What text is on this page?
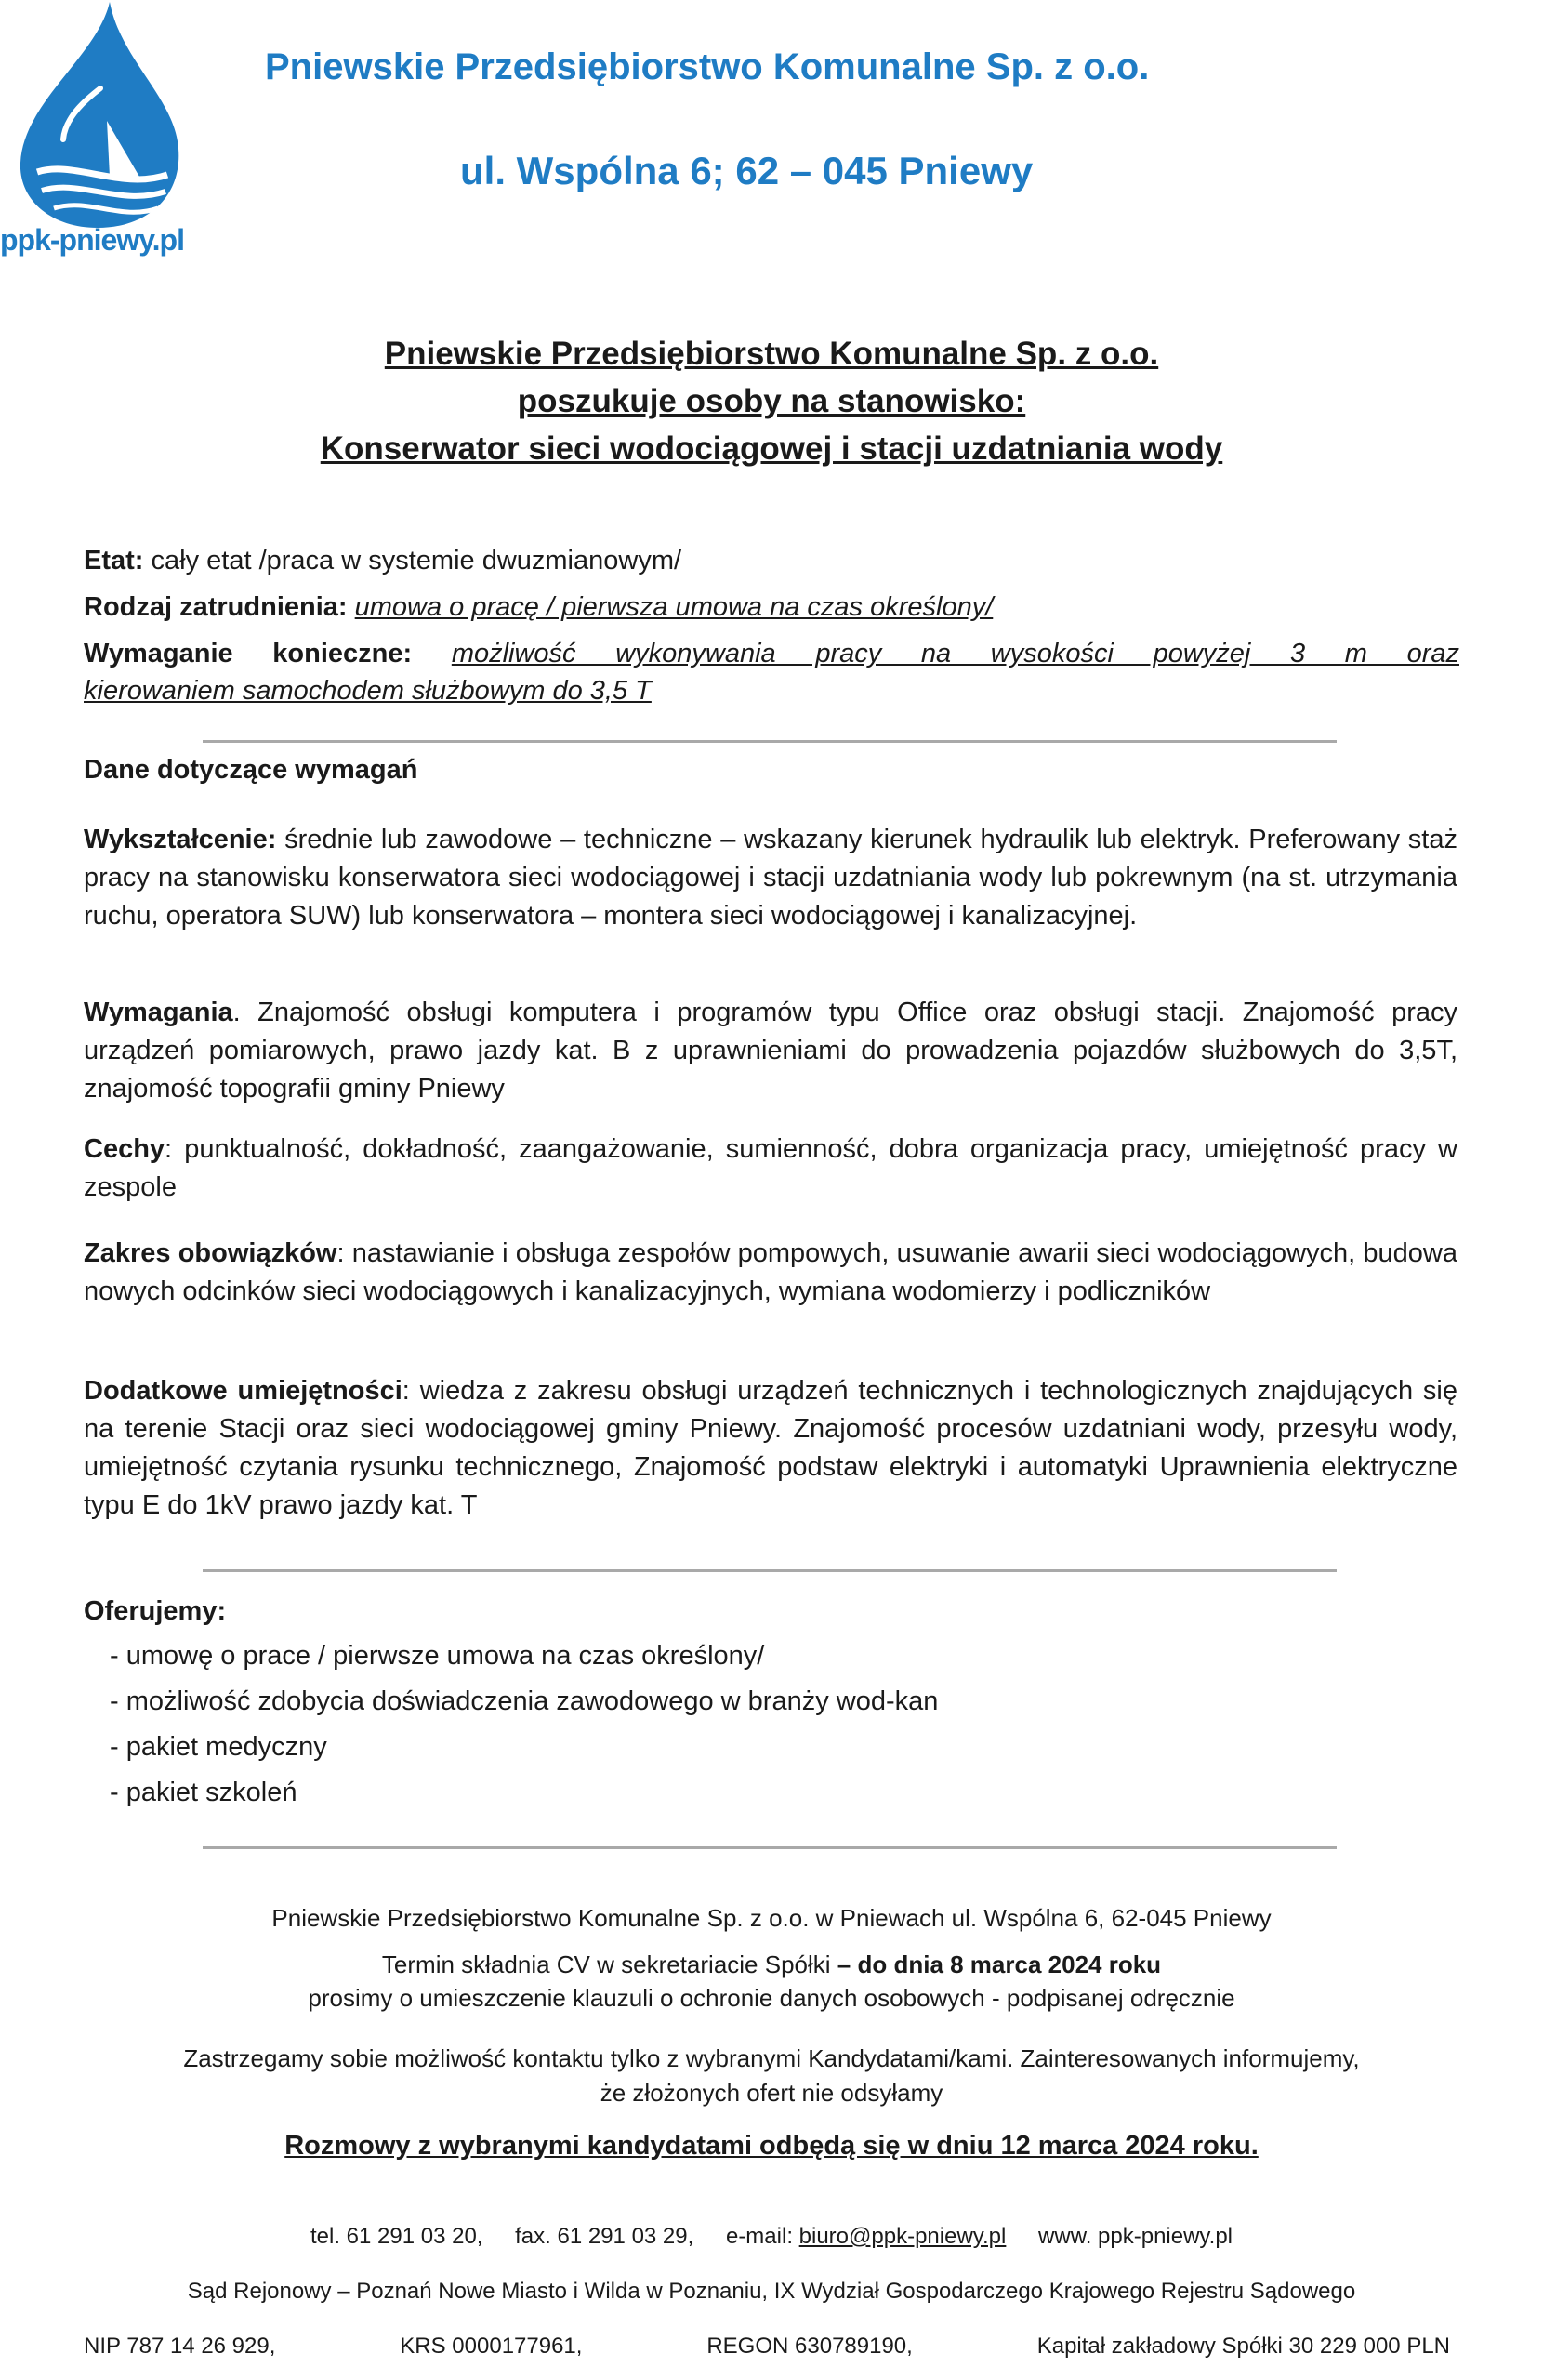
ppk-pniewy.pl
Pniewskie Przedsiębiorstwo Komunalne Sp. z o.o.
ul. Wspólna 6; 62 – 045 Pniewy
Pniewskie Przedsiębiorstwo Komunalne Sp. z o.o.
poszukuje osoby na stanowisko:
Konserwator sieci wodociągowej i stacji uzdatniania wody
Etat: cały etat /praca w systemie dwuzmianowym/
Rodzaj zatrudnienia: umowa o pracę / pierwsza umowa na czas określony/
Wymaganie konieczne: możliwość wykonywania pracy na wysokości powyżej 3 m oraz
kierowaniem samochodem służbowym do 3,5 T
Dane dotyczące wymagań
Wykształcenie: średnie lub zawodowe – techniczne – wskazany kierunek hydraulik lub elektryk. Preferowany staż pracy na stanowisku konserwatora sieci wodociągowej i stacji uzdatniania wody lub pokrewnym (na st. utrzymania ruchu, operatora SUW) lub konserwatora – montera sieci wodociągowej i kanalizacyjnej.
Wymagania. Znajomość obsługi komputera i programów typu Office oraz obsługi stacji. Znajomość pracy urządzeń pomiarowych, prawo jazdy kat. B z uprawnieniami do prowadzenia pojazdów służbowych do 3,5T, znajomość topografii gminy Pniewy
Cechy: punktualność, dokładność, zaangażowanie, sumienność, dobra organizacja pracy, umiejętność pracy w zespole
Zakres obowiązków: nastawianie i obsługa zespołów pompowych, usuwanie awarii sieci wodociągowych, budowa nowych odcinków sieci wodociągowych i kanalizacyjnych, wymiana wodomierzy i podliczników
Dodatkowe umiejętności: wiedza z zakresu obsługi urządzeń technicznych i technologicznych znajdujących się na terenie Stacji oraz sieci wodociągowej gminy Pniewy. Znajomość procesów uzdatniani wody, przesyłu wody, umiejętność czytania rysunku technicznego, Znajomość podstaw elektryki i automatyki Uprawnienia elektryczne typu E do 1kV prawo jazdy kat. T
Oferujemy:
- umowę o prace / pierwsze umowa na czas określony/
- możliwość zdobycia doświadczenia zawodowego w branży wod-kan
- pakiet medyczny
- pakiet szkoleń
Pniewskie Przedsiębiorstwo Komunalne Sp. z o.o. w Pniewach ul. Wspólna 6, 62-045 Pniewy
Termin składnia CV w sekretariacie Spółki – do dnia 8 marca 2024 roku
prosimy o umieszczenie klauzuli o ochronie danych osobowych - podpisanej odręcznie
Zastrzegamy sobie możliwość kontaktu tylko z wybranymi Kandydatami/kami. Zainteresowanych informujemy,
że złożonych ofert nie odsyłamy
Rozmowy z wybranymi kandydatami odbędą się w dniu 12 marca 2024 roku.
tel. 61 291 03 20, fax. 61 291 03 29, e-mail: biuro@ppk-pniewy.pl www. ppk-pniewy.pl
Sąd Rejonowy – Poznań Nowe Miasto i Wilda w Poznaniu, IX Wydział Gospodarczego Krajowego Rejestru Sądowego
NIP 787 14 26 929,	KRS 0000177961,	REGON 630789190,	Kapitał zakładowy Spółki 30 229 000 PLN
